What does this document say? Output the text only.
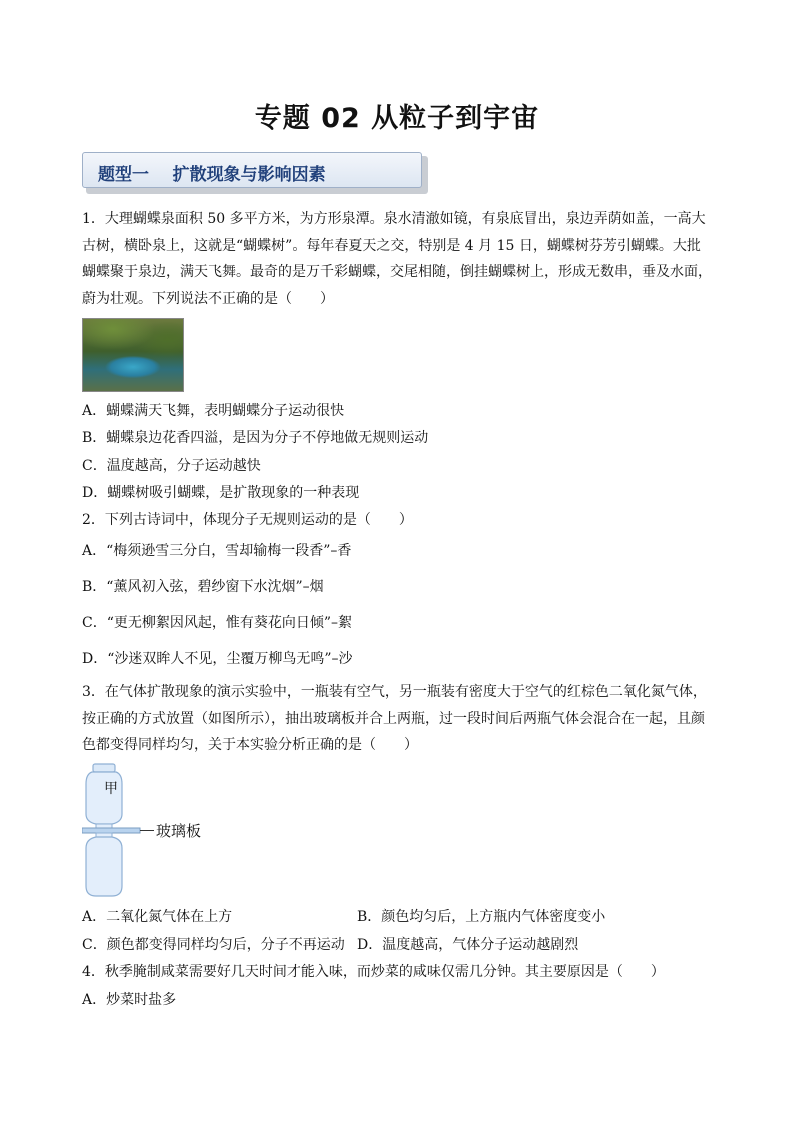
专题 02 从粒子到宇宙
题型一    扩散现象与影响因素
1．大理蝴蝶泉面积 50 多平方米，为方形泉潭。泉水清澈如镜，有泉底冒出，泉边弄荫如盖，一高大古树，横卧泉上，这就是“蝴蝶树”。每年春夏天之交，特别是 4 月 15 日，蝴蝶树芬芳引蝴蝶。大批蝴蝶聚于泉边，满天飞舞。最奇的是万千彩蝴蝶，交尾相随，倒挂蝴蝶树上，形成无数串，垂及水面，蔚为壮观。下列说法不正确的是（　　）
A．蝴蝶满天飞舞，表明蝴蝶分子运动很快
B．蝴蝶泉边花香四溢，是因为分子不停地做无规则运动
C．温度越高，分子运动越快
D．蝴蝶树吸引蝴蝶，是扩散现象的一种表现
2．下列古诗词中，体现分子无规则运动的是（　　）
A．“梅须逊雪三分白，雪却输梅一段香”–香
B．“薰风初入弦，碧纱窗下水沈烟”–烟
C．“更无柳絮因风起，惟有葵花向日倾”–絮
D．“沙迷双眸人不见，尘覆万柳鸟无鸣”–沙
3．在气体扩散现象的演示实验中，一瓶装有空气，另一瓶装有密度大于空气的红棕色二氧化氮气体，按正确的方式放置（如图所示），抽出玻璃板并合上两瓶，过一段时间后两瓶气体会混合在一起，且颜色都变得同样均匀，关于本实验分析正确的是（　　）
甲
玻璃板
A．二氧化氮气体在上方	B．颜色均匀后，上方瓶内气体密度变小
C．颜色都变得同样均匀后，分子不再运动 D．温度越高，气体分子运动越剧烈
4．秋季腌制咸菜需要好几天时间才能入味，而炒菜的咸味仅需几分钟。其主要原因是（　　）
A．炒菜时盐多
